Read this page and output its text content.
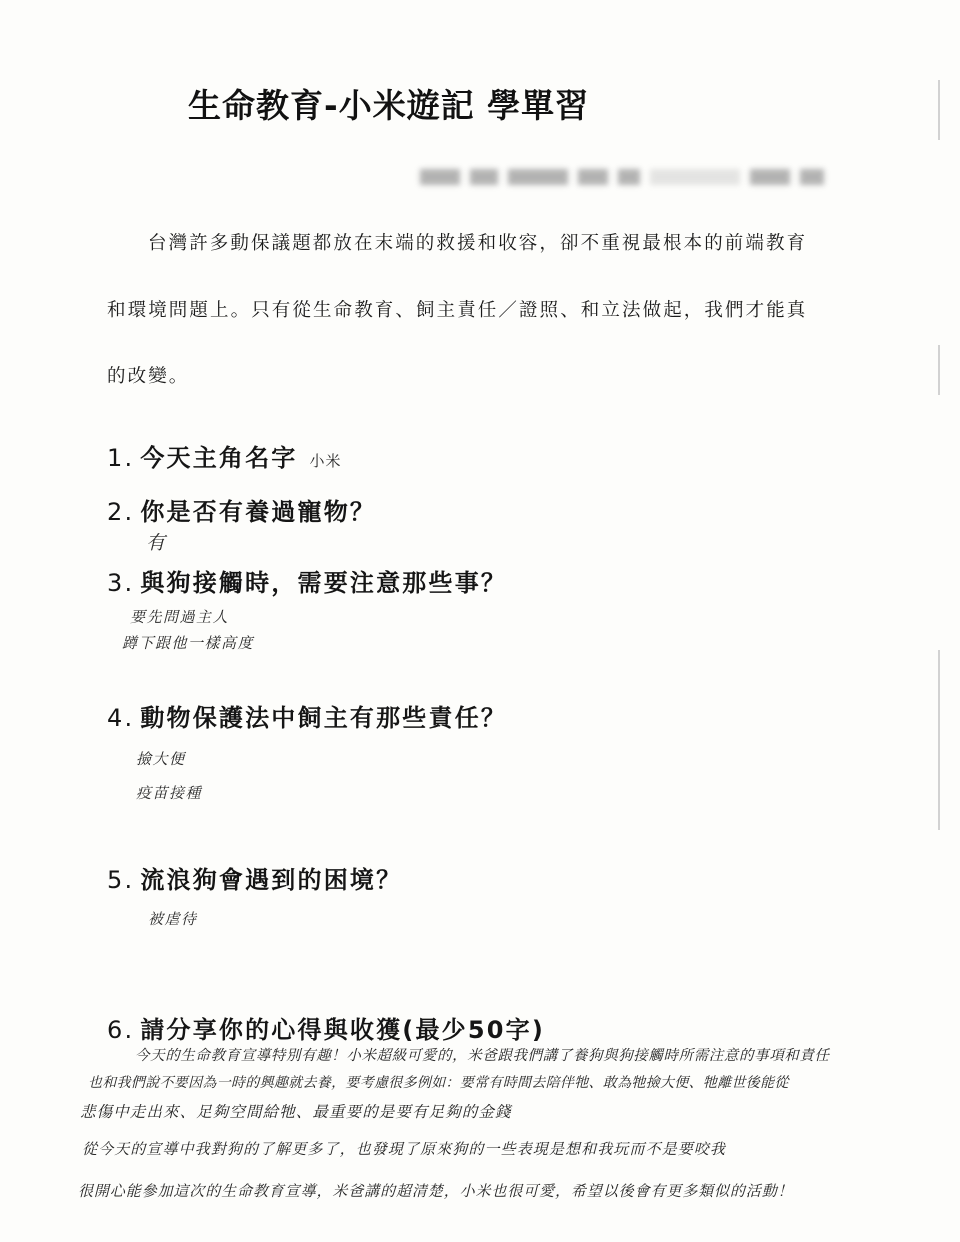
生命教育-小米遊記 學單習
台灣許多動保議題都放在末端的救援和收容，卻不重視最根本的前端教育
和環境問題上。只有從生命教育、飼主責任／證照、和立法做起，我們才能真
的改變。
1. 今天主角名字 小米
2. 你是否有養過寵物？
有
3. 與狗接觸時，需要注意那些事？
要先問過主人
蹲下跟他一樣高度
4. 動物保護法中飼主有那些責任？
撿大便
疫苗接種
5. 流浪狗會遇到的困境？
被虐待
6. 請分享你的心得與收獲(最少50字)
今天的生命教育宣導特別有趣！小米超級可愛的，米爸跟我們講了養狗與狗接觸時所需注意的事項和責任
也和我們說不要因為一時的興趣就去養，要考慮很多例如：要常有時間去陪伴牠、敢為牠撿大便、牠離世後能從
悲傷中走出來、足夠空間給牠、最重要的是要有足夠的金錢
從今天的宣導中我對狗的了解更多了，也發現了原來狗的一些表現是想和我玩而不是要咬我
很開心能參加這次的生命教育宣導，米爸講的超清楚，小米也很可愛，希望以後會有更多類似的活動！
